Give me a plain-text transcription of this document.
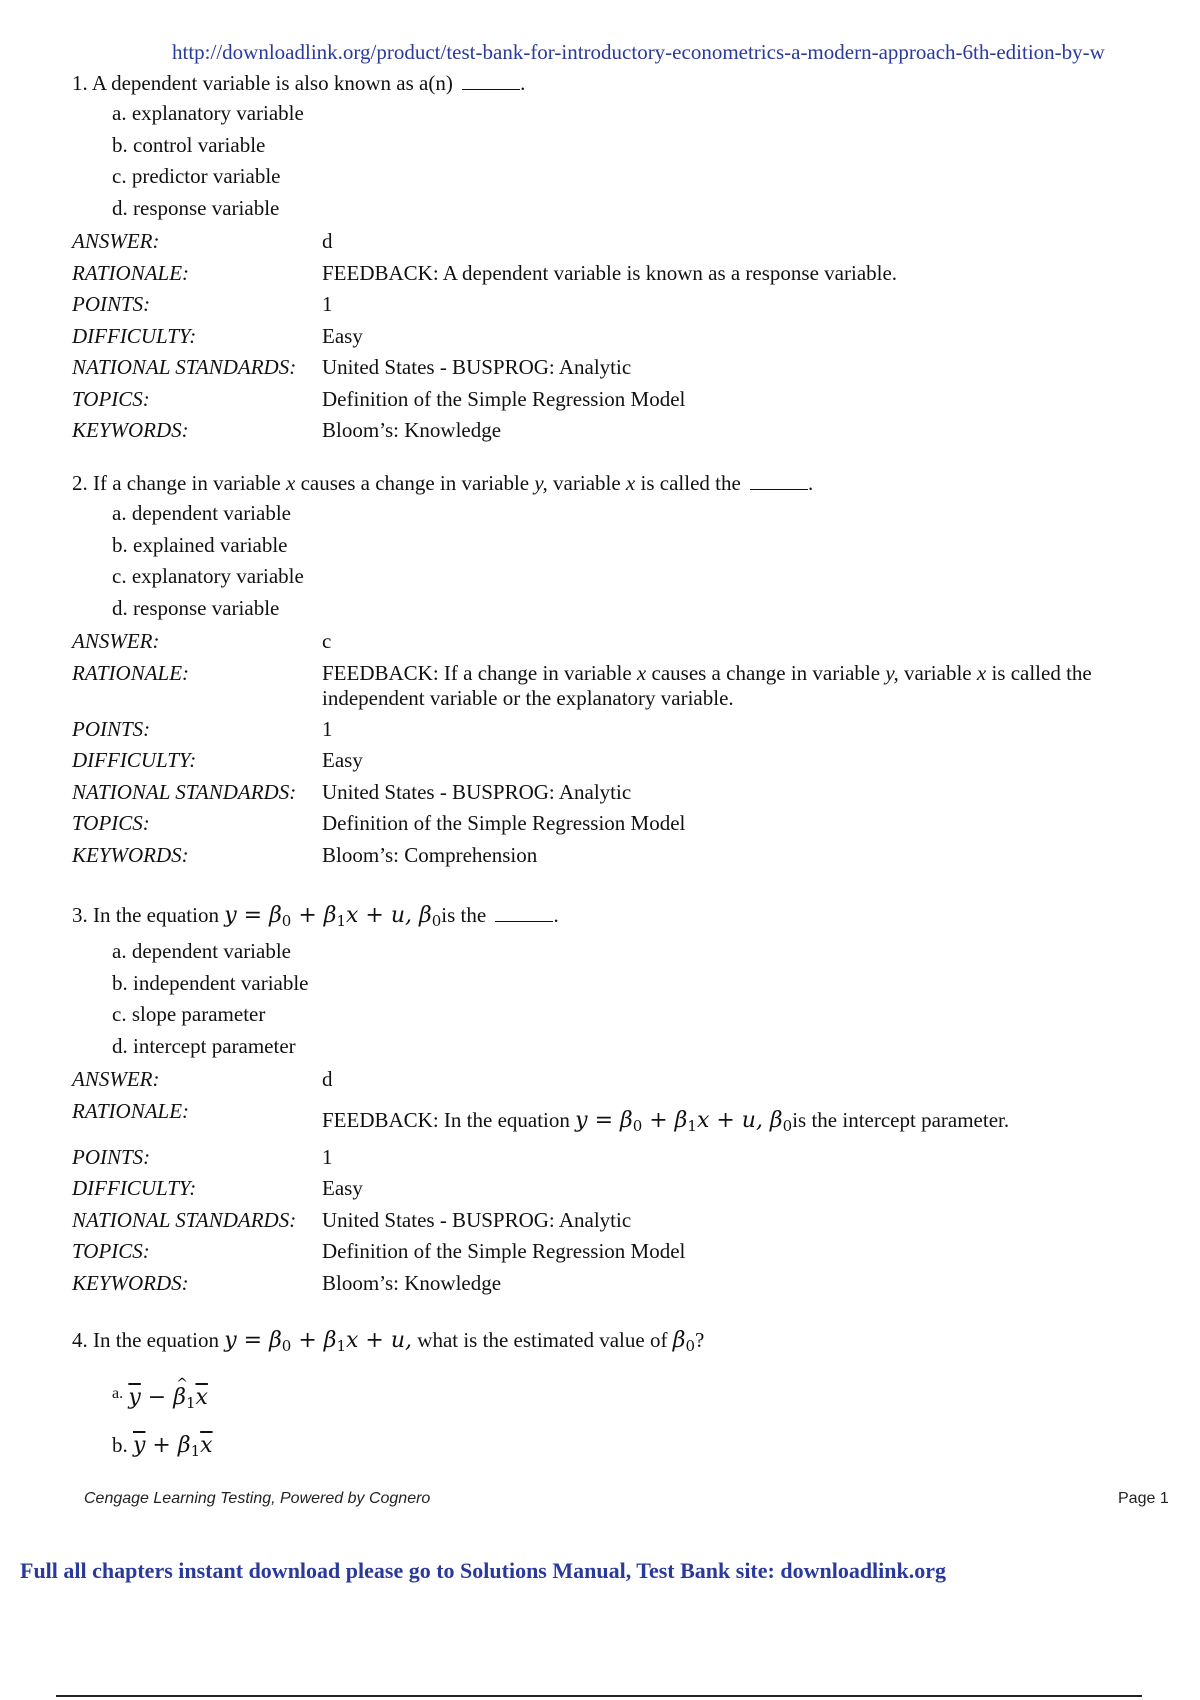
http://downloadlink.org/product/test-bank-for-introductory-econometrics-a-modern-approach-6th-edition-by-w
1. A dependent variable is also known as a(n)	.
a. explanatory variable
b. control variable
c. predictor variable
d. response variable
ANSWER:	d
RATIONALE:	FEEDBACK: A dependent variable is known as a response variable.
POINTS:	1
DIFFICULTY:	Easy
NATIONAL STANDARDS:	United States - BUSPROG: Analytic
TOPICS:	Definition of the Simple Regression Model
KEYWORDS:	Bloom’s: Knowledge
2. If a change in variable x causes a change in variable y, variable x is called the	.
a. dependent variable
b. explained variable
c. explanatory variable
d. response variable
ANSWER:	c
RATIONALE:	FEEDBACK: If a change in variable x causes a change in variable y, variable x is called the independent variable or the explanatory variable.
POINTS:	1
DIFFICULTY:	Easy
NATIONAL STANDARDS:	United States - BUSPROG: Analytic
TOPICS:	Definition of the Simple Regression Model
KEYWORDS:	Bloom’s: Comprehension
3. In the equation $y = \beta_0 + \beta_1x + u$, $\beta_0is$ the	.
a. dependent variable
b. independent variable
c. slope parameter
d. intercept parameter
ANSWER:	d
RATIONALE:	FEEDBACK: In the equation $y = \beta_0 + \beta_1x + u$, $\beta_0is$ the intercept parameter.
POINTS:	1
DIFFICULTY:	Easy
NATIONAL STANDARDS:	United States - BUSPROG: Analytic
TOPICS:	Definition of the Simple Regression Model
KEYWORDS:	Bloom’s: Knowledge
4. In the equation $y = \beta_0 + \beta_1x + u$, what is the estimated value of $\beta_0$?
$^{a.}$ $\overline{y}$ − ^ $\beta_1\overline{x}$
b. $\overline{y} + \beta_1\overline{x}$
Cengage Learning Testing, Powered by Cognero	Page 1
Full all chapters instant download please go to Solutions Manual, Test Bank site: downloadlink.org
